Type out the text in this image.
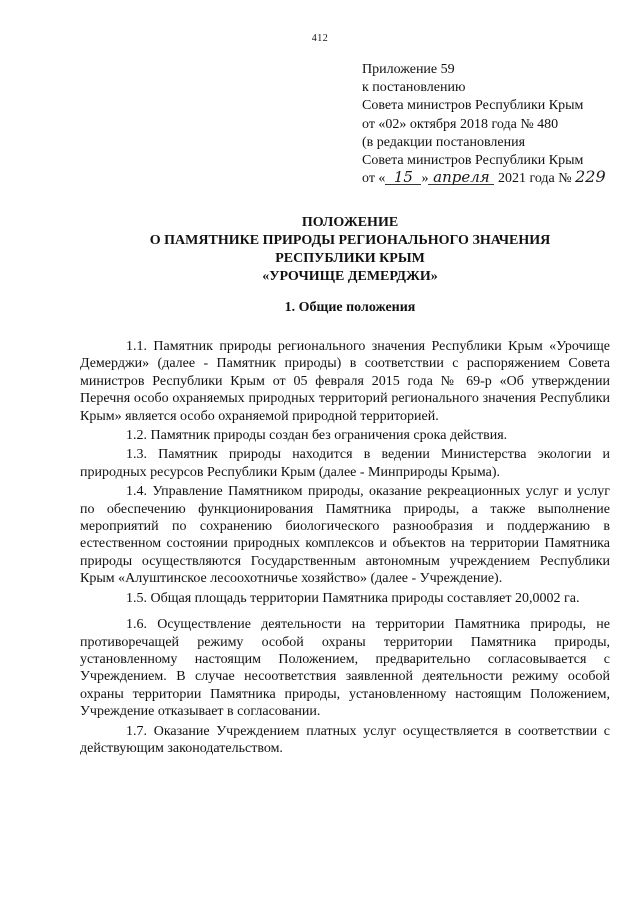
412
Приложение 59
к постановлению
Совета министров Республики Крым
от «02» октября 2018 года № 480
(в редакции постановления
Совета министров Республики Крым
от « 15 » апреля 2021 года № 229
ПОЛОЖЕНИЕ
О ПАМЯТНИКЕ ПРИРОДЫ РЕГИОНАЛЬНОГО ЗНАЧЕНИЯ
РЕСПУБЛИКИ КРЫМ
«УРОЧИЩЕ ДЕМЕРДЖИ»
1. Общие положения

1.1. Памятник природы регионального значения Республики Крым «Урочище Демерджи» (далее - Памятник природы) в соответствии с распоряжением Совета министров Республики Крым от 05 февраля 2015 года № 69-р «Об утверждении Перечня особо охраняемых природных территорий регионального значения Республики Крым» является особо охраняемой природной территорией.

1.2. Памятник природы создан без ограничения срока действия.

1.3. Памятник природы находится в ведении Министерства экологии и природных ресурсов Республики Крым (далее - Минприроды Крыма).

1.4. Управление Памятником природы, оказание рекреационных услуг и услуг по обеспечению функционирования Памятника природы, а также выполнение мероприятий по сохранению биологического разнообразия и поддержанию в естественном состоянии природных комплексов и объектов на территории Памятника природы осуществляются Государственным автономным учреждением Республики Крым «Алуштинское лесоохотничье хозяйство» (далее - Учреждение).

1.5. Общая площадь территории Памятника природы составляет 20,0002 га.

1.6. Осуществление деятельности на территории Памятника природы, не противоречащей режиму особой охраны территории Памятника природы, установленному настоящим Положением, предварительно согласовывается с Учреждением. В случае несоответствия заявленной деятельности режиму особой охраны территории Памятника природы, установленному настоящим Положением, Учреждение отказывает в согласовании.

1.7. Оказание Учреждением платных услуг осуществляется в соответствии с действующим законодательством.
